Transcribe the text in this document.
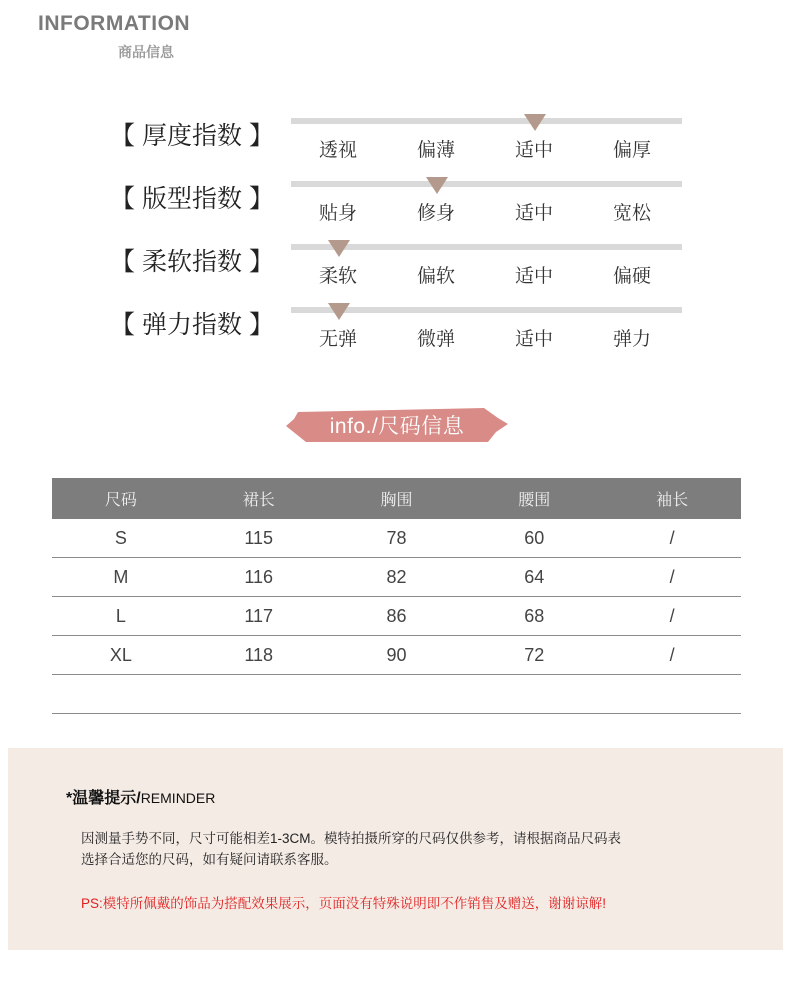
INFORMATION
商品信息
【 厚度指数 】
透视	偏薄	适中	偏厚
【 版型指数 】
贴身	修身	适中	宽松
【 柔软指数 】
柔软	偏软	适中	偏硬
【 弹力指数 】
无弹	微弹	适中	弹力
info./尺码信息
尺码	裙长	胸围	腰围	袖长
S	115	78	60	/
M	116	82	64	/
L	117	86	68	/
XL	118	90	72	/

*温馨提示/REMINDER
因测量手势不同，尺寸可能相差1-3CM。模特拍摄所穿的尺码仅供参考，请根据商品尺码表
选择合适您的尺码，如有疑问请联系客服。
PS:模特所佩戴的饰品为搭配效果展示，页面没有特殊说明即不作销售及赠送，谢谢谅解!
